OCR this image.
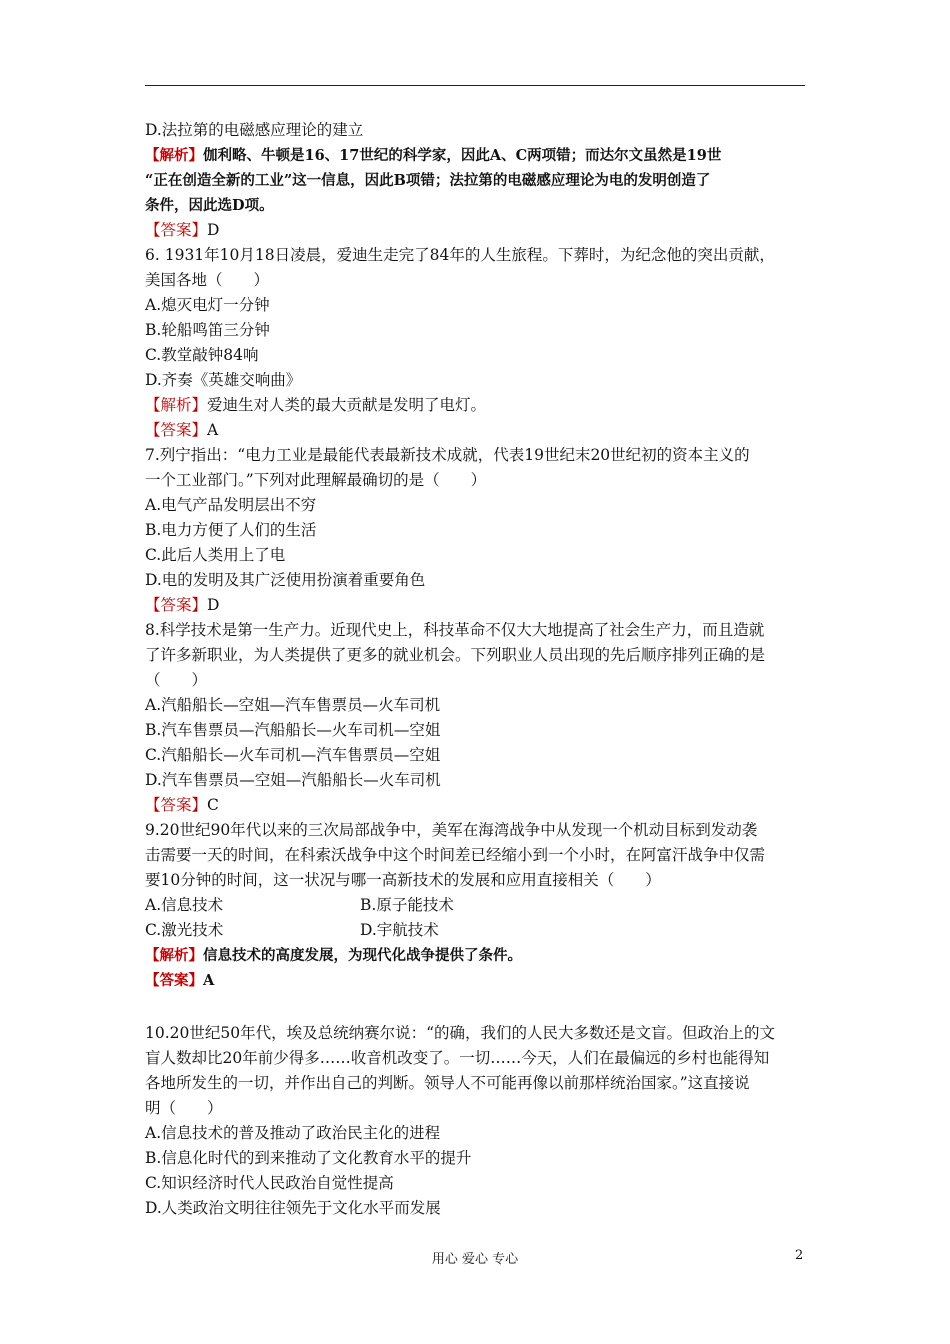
D.法拉第的电磁感应理论的建立
【解析】伽利略、牛顿是16、17世纪的科学家，因此A、C两项错；而达尔文虽然是19世
“正在创造全新的工业”这一信息，因此B项错；法拉第的电磁感应理论为电的发明创造了
条件，因此选D项。
【答案】D
6. 1931年10月18日凌晨，爱迪生走完了84年的人生旅程。下葬时，为纪念他的突出贡献，
美国各地（　　）
A.熄灭电灯一分钟
B.轮船鸣笛三分钟
C.教堂敲钟84响
D.齐奏《英雄交响曲》
【解析】爱迪生对人类的最大贡献是发明了电灯。
【答案】A
7.列宁指出：“电力工业是最能代表最新技术成就，代表19世纪末20世纪初的资本主义的
一个工业部门。”下列对此理解最确切的是（　　）
A.电气产品发明层出不穷
B.电力方便了人们的生活
C.此后人类用上了电
D.电的发明及其广泛使用扮演着重要角色
【答案】D
8.科学技术是第一生产力。近现代史上，科技革命不仅大大地提高了社会生产力，而且造就
了许多新职业，为人类提供了更多的就业机会。下列职业人员出现的先后顺序排列正确的是
（　　）
A.汽船船长—空姐—汽车售票员—火车司机
B.汽车售票员—汽船船长—火车司机—空姐
C.汽船船长—火车司机—汽车售票员—空姐
D.汽车售票员—空姐—汽船船长—火车司机
【答案】C
9.20世纪90年代以来的三次局部战争中，美军在海湾战争中从发现一个机动目标到发动袭
击需要一天的时间，在科索沃战争中这个时间差已经缩小到一个小时，在阿富汗战争中仅需
要10分钟的时间，这一状况与哪一高新技术的发展和应用直接相关（　　）
A.信息技术	B.原子能技术
C.激光技术	D.宇航技术
【解析】信息技术的高度发展，为现代化战争提供了条件。
【答案】A
10.20世纪50年代，埃及总统纳赛尔说：“的确，我们的人民大多数还是文盲。但政治上的文
盲人数却比20年前少得多……收音机改变了。一切……今天，人们在最偏远的乡村也能得知
各地所发生的一切，并作出自己的判断。领导人不可能再像以前那样统治国家。”这直接说
明（　　）
A.信息技术的普及推动了政治民主化的进程
B.信息化时代的到来推动了文化教育水平的提升
C.知识经济时代人民政治自觉性提高
D.人类政治文明往往领先于文化水平而发展
用心 爱心 专心	2
